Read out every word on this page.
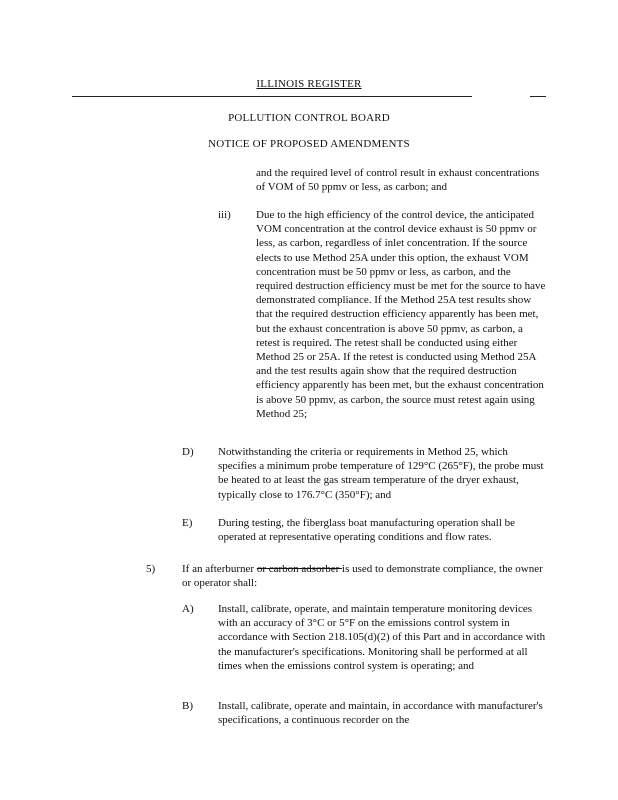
ILLINOIS REGISTER
POLLUTION CONTROL BOARD
NOTICE OF PROPOSED AMENDMENTS

and the required level of control result in exhaust concentrations of VOM of 50 ppmv or less, as carbon; and

iii) Due to the high efficiency of the control device, the anticipated VOM concentration at the control device exhaust is 50 ppmv or less, as carbon, regardless of inlet concentration. If the source elects to use Method 25A under this option, the exhaust VOM concentration must be 50 ppmv or less, as carbon, and the required destruction efficiency must be met for the source to have demonstrated compliance. If the Method 25A test results show that the required destruction efficiency apparently has been met, but the exhaust concentration is above 50 ppmv, as carbon, a retest is required. The retest shall be conducted using either Method 25 or 25A. If the retest is conducted using Method 25A and the test results again show that the required destruction efficiency apparently has been met, but the exhaust concentration is above 50 ppmv, as carbon, the source must retest again using Method 25;

D) Notwithstanding the criteria or requirements in Method 25, which specifies a minimum probe temperature of 129°C (265°F), the probe must be heated to at least the gas stream temperature of the dryer exhaust, typically close to 176.7°C (350°F); and

E) During testing, the fiberglass boat manufacturing operation shall be operated at representative operating conditions and flow rates.

5) If an afterburner or carbon adsorber is used to demonstrate compliance, the owner or operator shall:

A) Install, calibrate, operate, and maintain temperature monitoring devices with an accuracy of 3°C or 5°F on the emissions control system in accordance with Section 218.105(d)(2) of this Part and in accordance with the manufacturer's specifications. Monitoring shall be performed at all times when the emissions control system is operating; and

B) Install, calibrate, operate and maintain, in accordance with manufacturer's specifications, a continuous recorder on the
